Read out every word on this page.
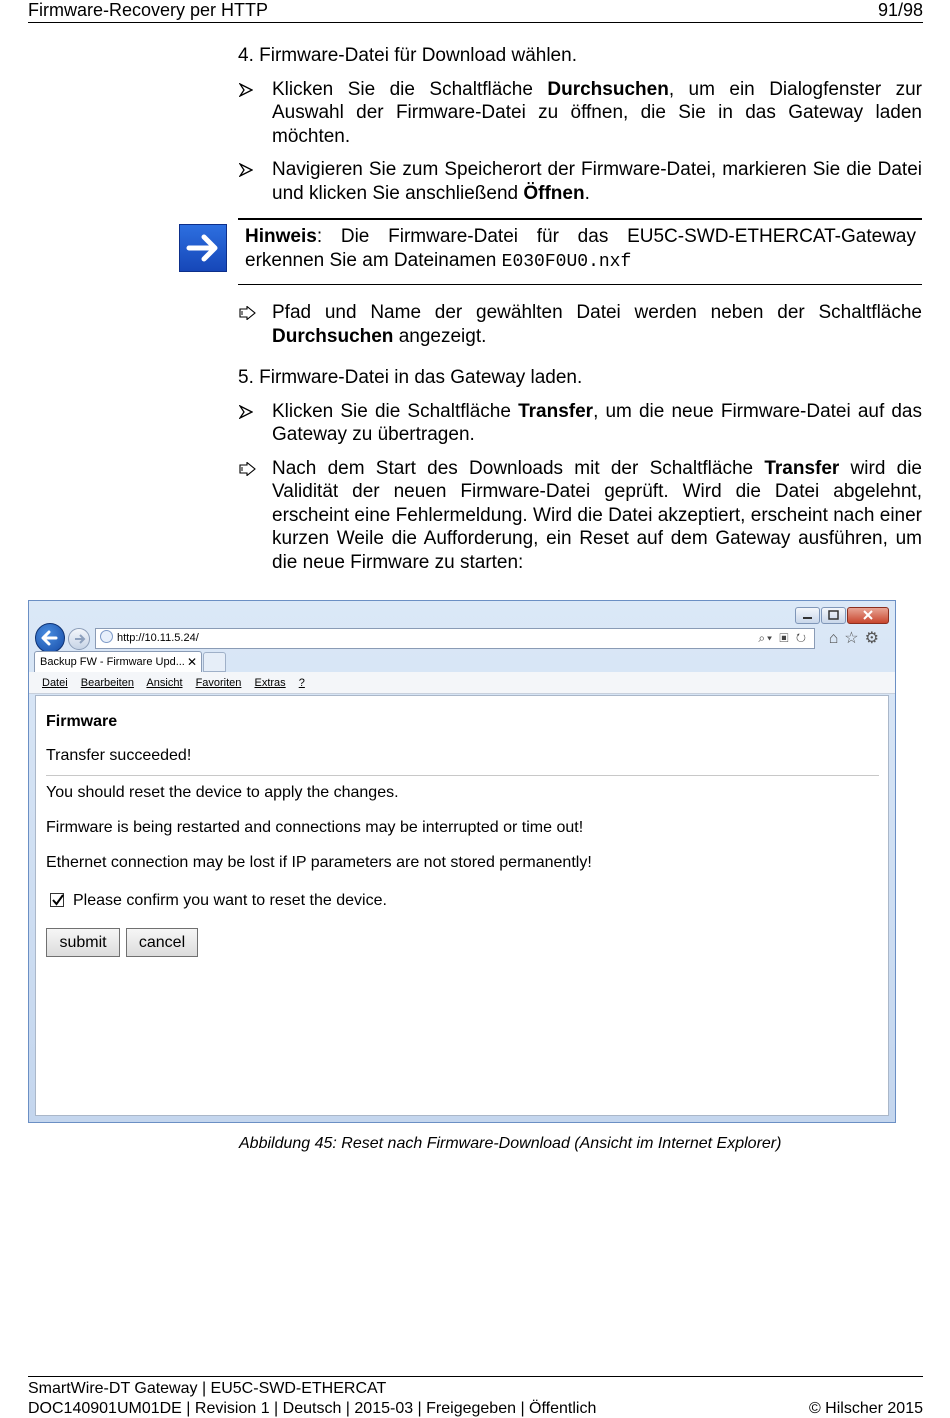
Firmware-Recovery per HTTP	91/98

4. Firmware-Datei für Download wählen.

Klicken Sie die Schaltfläche Durchsuchen, um ein Dialogfenster zur Auswahl der Firmware-Datei zu öffnen, die Sie in das Gateway laden möchten.
Navigieren Sie zum Speicherort der Firmware-Datei, markieren Sie die Datei und klicken Sie anschließend Öffnen.
Hinweis: Die Firmware-Datei für das EU5C-SWD-ETHERCAT-Gateway erkennen Sie am Dateinamen E030F0U0.nxf
Pfad und Name der gewählten Datei werden neben der Schaltfläche Durchsuchen angezeigt.

5. Firmware-Datei in das Gateway laden.

Klicken Sie die Schaltfläche Transfer, um die neue Firmware-Datei auf das Gateway zu übertragen.
Nach dem Start des Downloads mit der Schaltfläche Transfer wird die Validität der neuen Firmware-Datei geprüft. Wird die Datei abgelehnt, erscheint eine Fehlermeldung. Wird die Datei akzeptiert, erscheint nach einer kurzen Weile die Aufforderung, ein Reset auf dem Gateway ausführen, um die neue Firmware zu starten:
http://10.11.5.24/	⌕▾ ▣ ↻ ⌂☆⚙
Backup FW - Firmware Upd... ✕
Datei Bearbeiten Ansicht Favoriten Extras ?
Firmware
Transfer succeeded!
You should reset the device to apply the changes.
Firmware is being restarted and connections may be interrupted or time out!
Ethernet connection may be lost if IP parameters are not stored permanently!
Please confirm you want to reset the device.
submit	cancel

Abbildung 45: Reset nach Firmware-Download (Ansicht im Internet Explorer)

SmartWire-DT Gateway | EU5C-SWD-ETHERCAT
DOC140901UM01DE | Revision 1 | Deutsch | 2015-03 | Freigegeben | Öffentlich	© Hilscher 2015
